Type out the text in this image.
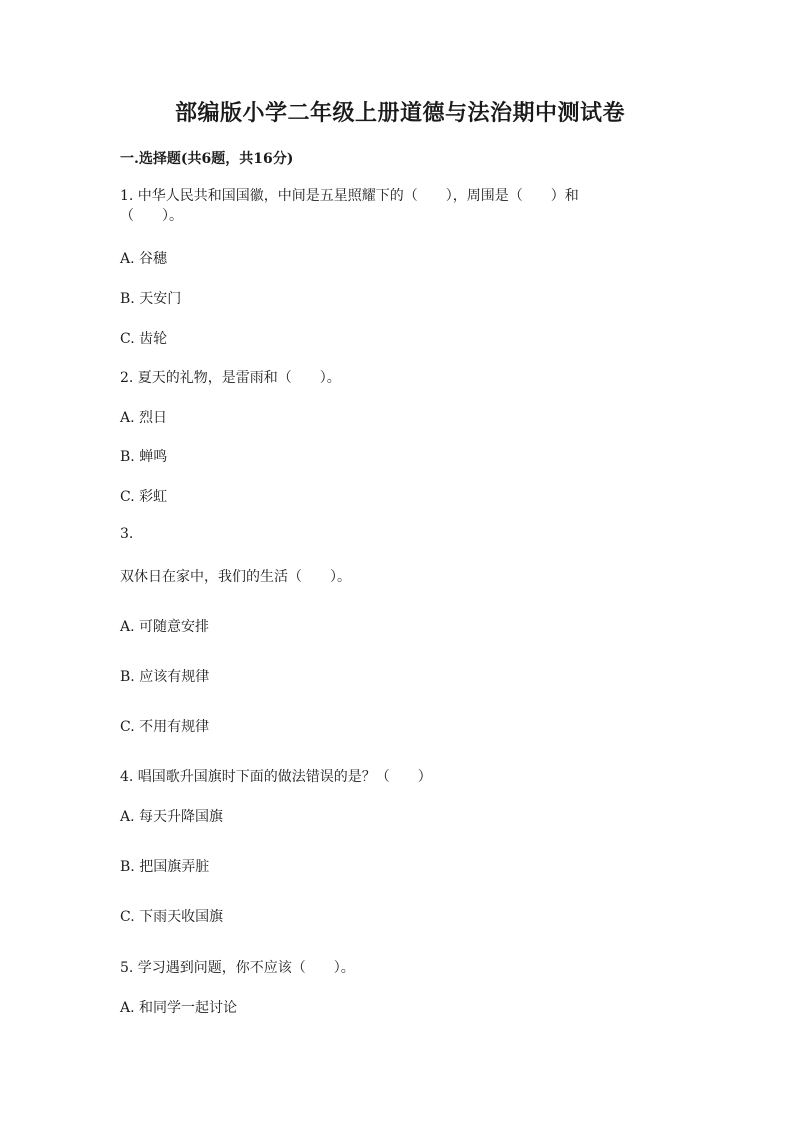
部编版小学二年级上册道德与法治期中测试卷
一.选择题(共6题，共16分)
1. 中华人民共和国国徽，中间是五星照耀下的（　　），周围是（　　）和
（　　）。
A. 谷穗
B. 天安门
C. 齿轮
2. 夏天的礼物，是雷雨和（　　）。
A. 烈日
B. 蝉鸣
C. 彩虹
3.
双休日在家中，我们的生活（　　）。
A. 可随意安排
B. 应该有规律
C. 不用有规律
4. 唱国歌升国旗时下面的做法错误的是？（　　）
A. 每天升降国旗
B. 把国旗弄脏
C. 下雨天收国旗
5. 学习遇到问题，你不应该（　　）。
A. 和同学一起讨论
